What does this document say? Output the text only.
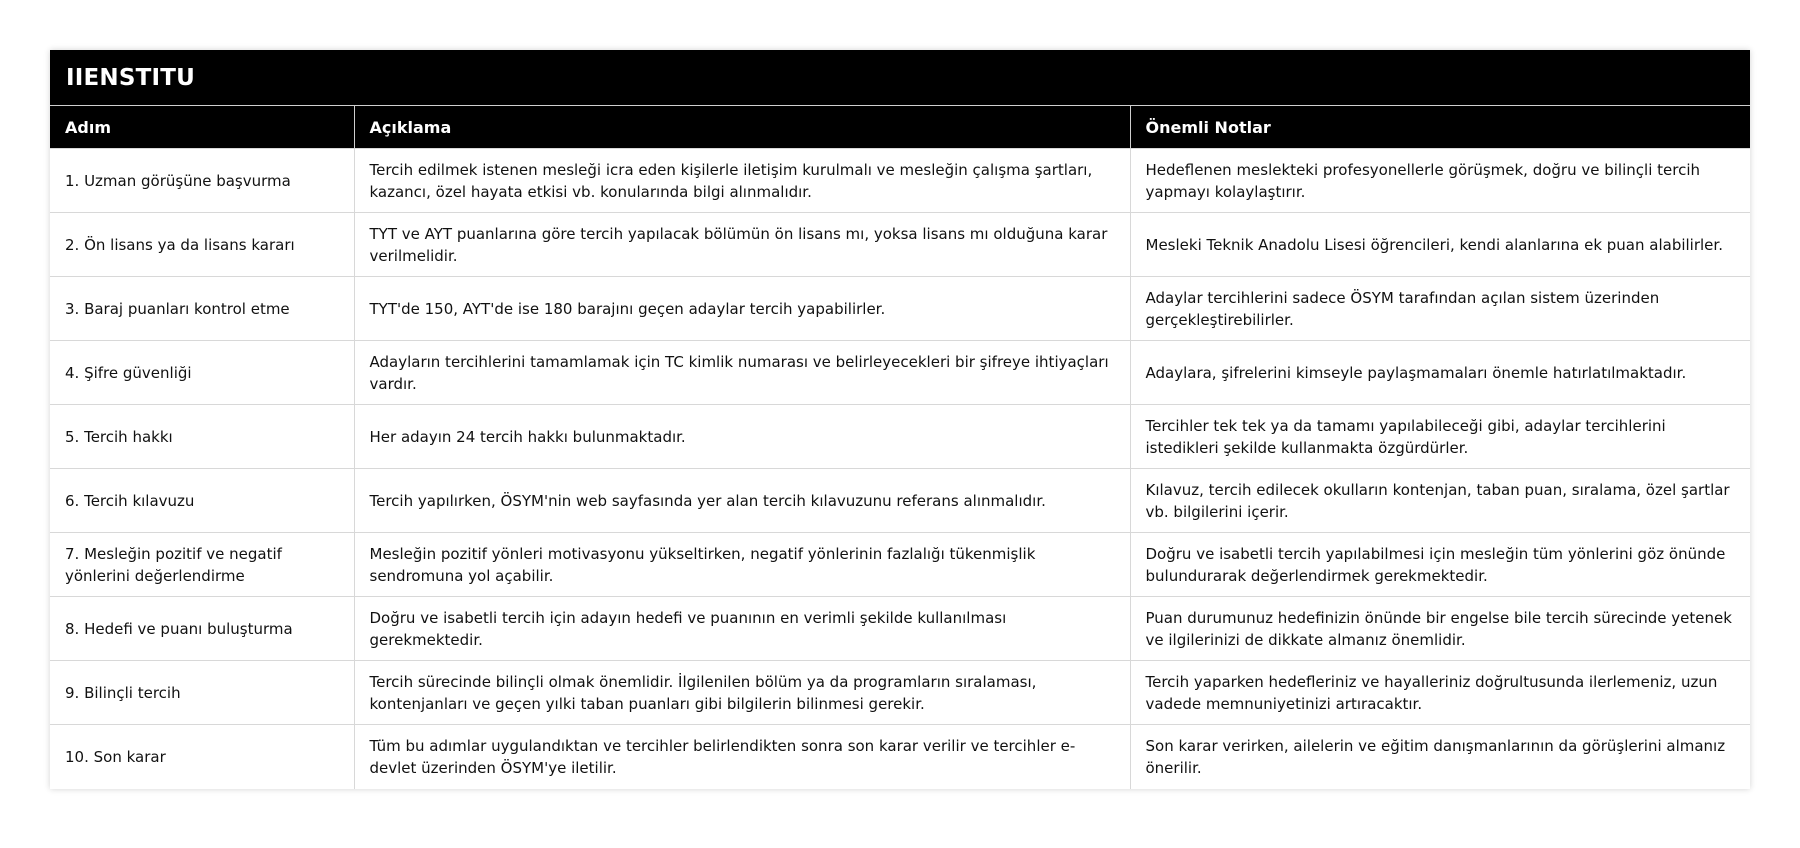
IIENSTITU
Adım	Açıklama	Önemli Notlar
1. Uzman görüşüne başvurma	Tercih edilmek istenen mesleği icra eden kişilerle iletişim kurulmalı ve mesleğin çalışma şartları, kazancı, özel hayata etkisi vb. konularında bilgi alınmalıdır.	Hedeflenen meslekteki profesyonellerle görüşmek, doğru ve bilinçli tercih yapmayı kolaylaştırır.
2. Ön lisans ya da lisans kararı	TYT ve AYT puanlarına göre tercih yapılacak bölümün ön lisans mı, yoksa lisans mı olduğuna karar verilmelidir.	Mesleki Teknik Anadolu Lisesi öğrencileri, kendi alanlarına ek puan alabilirler.
3. Baraj puanları kontrol etme	TYT'de 150, AYT'de ise 180 barajını geçen adaylar tercih yapabilirler.	Adaylar tercihlerini sadece ÖSYM tarafından açılan sistem üzerinden gerçekleştirebilirler.
4. Şifre güvenliği	Adayların tercihlerini tamamlamak için TC kimlik numarası ve belirleyecekleri bir şifreye ihtiyaçları vardır.	Adaylara, şifrelerini kimseyle paylaşmamaları önemle hatırlatılmaktadır.
5. Tercih hakkı	Her adayın 24 tercih hakkı bulunmaktadır.	Tercihler tek tek ya da tamamı yapılabileceği gibi, adaylar tercihlerini istedikleri şekilde kullanmakta özgürdürler.
6. Tercih kılavuzu	Tercih yapılırken, ÖSYM'nin web sayfasında yer alan tercih kılavuzunu referans alınmalıdır.	Kılavuz, tercih edilecek okulların kontenjan, taban puan, sıralama, özel şartlar vb. bilgilerini içerir.
7. Mesleğin pozitif ve negatif yönlerini değerlendirme	Mesleğin pozitif yönleri motivasyonu yükseltirken, negatif yönlerinin fazlalığı tükenmişlik sendromuna yol açabilir.	Doğru ve isabetli tercih yapılabilmesi için mesleğin tüm yönlerini göz önünde bulundurarak değerlendirmek gerekmektedir.
8. Hedefi ve puanı buluşturma	Doğru ve isabetli tercih için adayın hedefi ve puanının en verimli şekilde kullanılması gerekmektedir.	Puan durumunuz hedefinizin önünde bir engelse bile tercih sürecinde yetenek ve ilgilerinizi de dikkate almanız önemlidir.
9. Bilinçli tercih	Tercih sürecinde bilinçli olmak önemlidir. İlgilenilen bölüm ya da programların sıralaması, kontenjanları ve geçen yılki taban puanları gibi bilgilerin bilinmesi gerekir.	Tercih yaparken hedefleriniz ve hayalleriniz doğrultusunda ilerlemeniz, uzun vadede memnuniyetinizi artıracaktır.
10. Son karar	Tüm bu adımlar uygulandıktan ve tercihler belirlendikten sonra son karar verilir ve tercihler e-devlet üzerinden ÖSYM'ye iletilir.	Son karar verirken, ailelerin ve eğitim danışmanlarının da görüşlerini almanız önerilir.
